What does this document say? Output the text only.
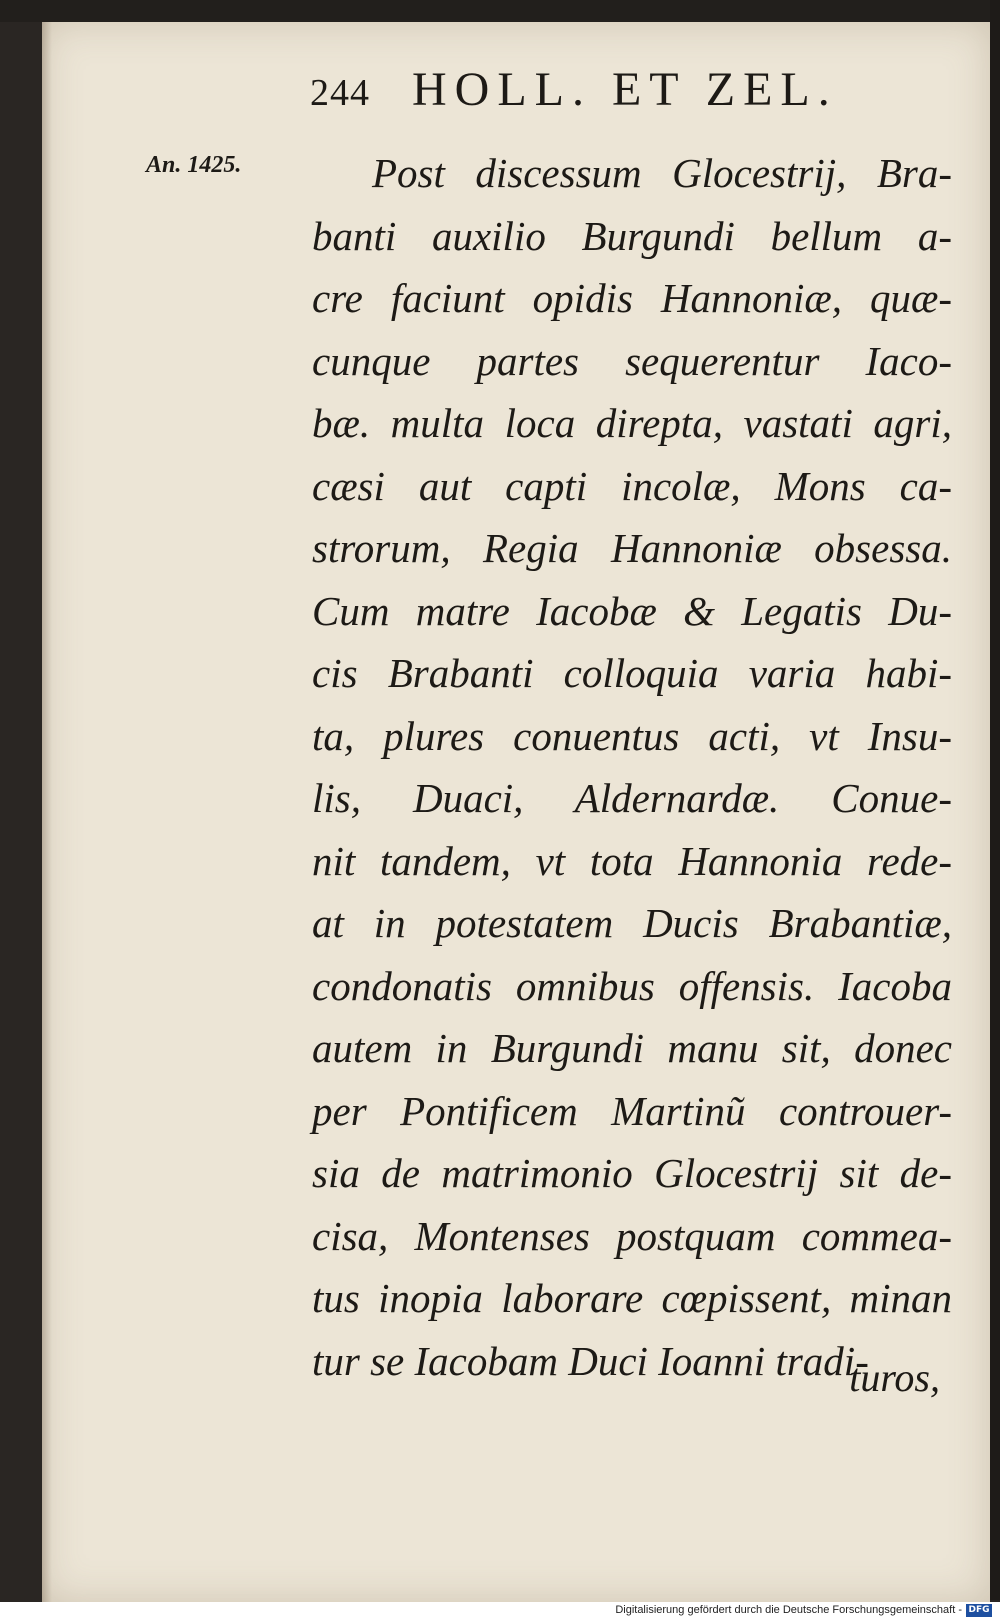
244 HOLL. ET ZEL.
An. 1425.	Post discessum Glocestrij, Bra-
banti auxilio Burgundi bellum a-
cre faciunt opidis Hannoniæ, quæ-
cunque partes sequerentur Iaco-
bæ. multa loca direpta, vastati agri,
cæsi aut capti incolæ, Mons ca-
strorum, Regia Hannoniæ obsessa.
Cum matre Iacobæ & Legatis Du-
cis Brabanti colloquia varia habi-
ta, plures conuentus acti, vt Insu-
lis, Duaci, Aldernardæ. Conue-
nit tandem, vt tota Hannonia rede-
at in potestatem Ducis Brabantiæ,
condonatis omnibus offensis. Iacoba
autem in Burgundi manu sit, donec
per Pontificem Martinũ controuer-
sia de matrimonio Glocestrij sit de-
cisa, Montenses postquam commea-
tus inopia laborare cœpissent, minan
tur se Iacobam Duci Ioanni tradi-
turos,
Digitalisierung gefördert durch die Deutsche Forschungsgemeinschaft - DFG
